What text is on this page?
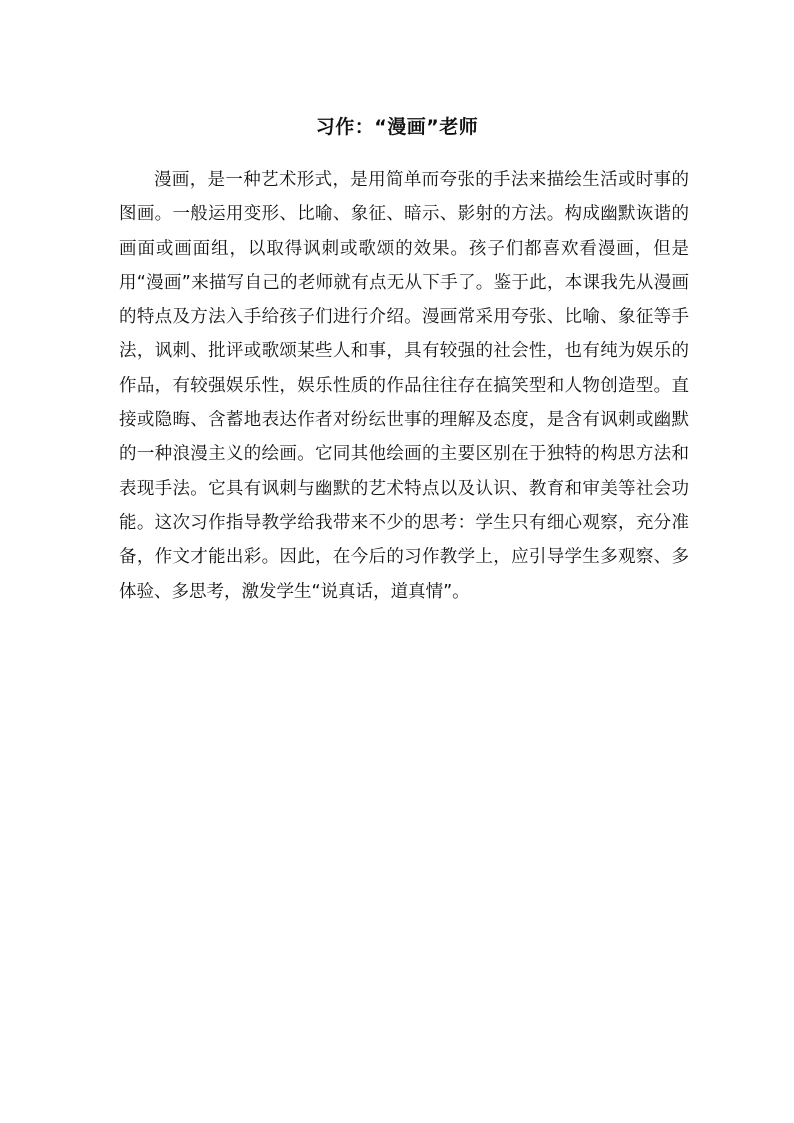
习作：“漫画”老师

漫画，是一种艺术形式，是用简单而夸张的手法来描绘生活或时事的图画。一般运用变形、比喻、象征、暗示、影射的方法。构成幽默诙谐的画面或画面组，以取得讽刺或歌颂的效果。孩子们都喜欢看漫画，但是用“漫画”来描写自己的老师就有点无从下手了。鉴于此，本课我先从漫画的特点及方法入手给孩子们进行介绍。漫画常采用夸张、比喻、象征等手法，讽刺、批评或歌颂某些人和事，具有较强的社会性，也有纯为娱乐的作品，有较强娱乐性，娱乐性质的作品往往存在搞笑型和人物创造型。直接或隐晦、含蓄地表达作者对纷纭世事的理解及态度，是含有讽刺或幽默的一种浪漫主义的绘画。它同其他绘画的主要区别在于独特的构思方法和表现手法。它具有讽刺与幽默的艺术特点以及认识、教育和审美等社会功能。这次习作指导教学给我带来不少的思考：学生只有细心观察，充分准备，作文才能出彩。因此，在今后的习作教学上，应引导学生多观察、多体验、多思考，激发学生“说真话，道真情”。
